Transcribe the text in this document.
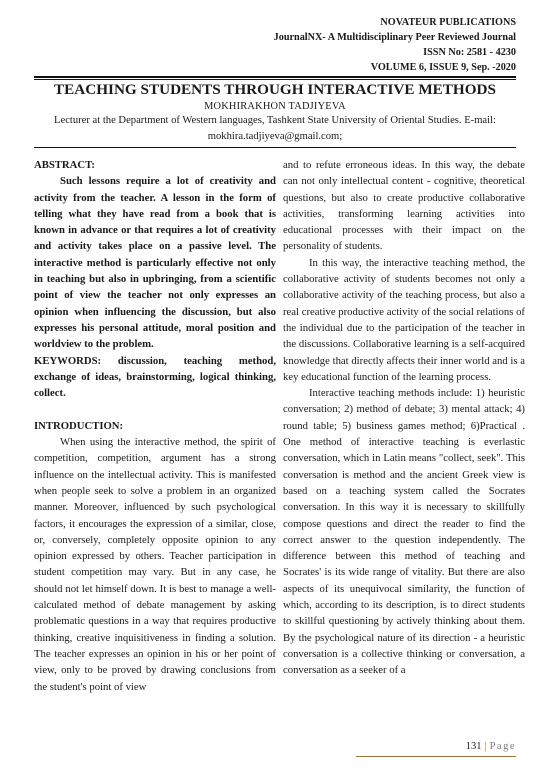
NOVATEUR PUBLICATIONS
JournalNX- A Multidisciplinary Peer Reviewed Journal
ISSN No: 2581 - 4230
VOLUME 6, ISSUE 9, Sep. -2020
TEACHING STUDENTS THROUGH INTERACTIVE METHODS
MOKHIRAKHON TADJIYEVA
Lecturer at the Department of Western languages, Tashkent State University of Oriental Studies. E-mail: mokhira.tadjiyeva@gmail.com;

ABSTRACT:

Such lessons require a lot of creativity and activity from the teacher. A lesson in the form of telling what they have read from a book that is known in advance or that requires a lot of creativity and activity takes place on a passive level. The interactive method is particularly effective not only in teaching but also in upbringing, from a scientific point of view the teacher not only expresses an opinion when influencing the discussion, but also expresses his personal attitude, moral position and worldview to the problem.

KEYWORDS: discussion, teaching method, exchange of ideas, brainstorming, logical thinking, collect.

INTRODUCTION:

When using the interactive method, the spirit of competition, competition, argument has a strong influence on the intellectual activity. This is manifested when people seek to solve a problem in an organized manner. Moreover, influenced by such psychological factors, it encourages the expression of a similar, close, or, conversely, completely opposite opinion to any opinion expressed by others. Teacher participation in student competition may vary. But in any case, he should not let himself down. It is best to manage a well-calculated method of debate management by asking problematic questions in a way that requires productive thinking, creative inquisitiveness in finding a solution. The teacher expresses an opinion in his or her point of view, only to be proved by drawing conclusions from the student's point of view

and to refute erroneous ideas. In this way, the debate can not only intellectual content - cognitive, theoretical questions, but also to create productive collaborative activities, transforming learning activities into educational processes with their impact on the personality of students.

In this way, the interactive teaching method, the collaborative activity of students becomes not only a collaborative activity of the teaching process, but also a real creative productive activity of the social relations of the individual due to the participation of the teacher in the discussions. Collaborative learning is a self-acquired knowledge that directly affects their inner world and is a key educational function of the learning process.

Interactive teaching methods include: 1) heuristic conversation; 2) method of debate; 3) mental attack; 4) round table; 5) business games method; 6)Practical . One method of interactive teaching is everlastic conversation, which in Latin means "collect, seek". This conversation is method and the ancient Greek view is based on a teaching system called the Socrates conversation. In this way it is necessary to skillfully compose questions and direct the reader to find the correct answer to the question independently. The difference between this method of teaching and Socrates' is its wide range of vitality. But there are also aspects of its unequivocal similarity, the function of which, according to its description, is to direct students to skillful questioning by actively thinking about them. By the psychological nature of its direction - a heuristic conversation is a collective thinking or conversation, a conversation as a seeker of a

131 | Page
